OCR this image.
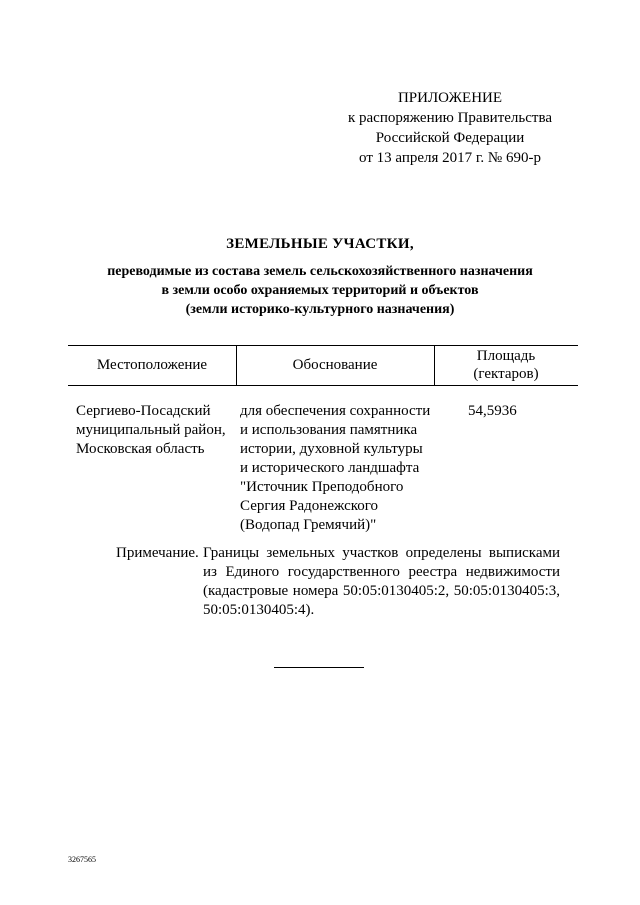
ПРИЛОЖЕНИЕ
к распоряжению Правительства
Российской Федерации
от 13 апреля 2017 г. № 690-р
ЗЕМЕЛЬНЫЕ УЧАСТКИ,
переводимые из состава земель сельскохозяйственного назначения
в земли особо охраняемых территорий и объектов
(земли историко-культурного назначения)
Местоположение	Обоснование
Площадь
(гектаров)
Сергиево-Посадский
муниципальный район,
Московская область
для обеспечения сохранности
и использования памятника
истории, духовной культуры
и исторического ландшафта
"Источник Преподобного
Сергия Радонежского
(Водопад Гремячий)"
54,5936
Примечание. Границы земельных участков определены выписками
из Единого государственного реестра недвижимости
(кадастровые номера 50:05:0130405:2, 50:05:0130405:3,
50:05:0130405:4).
3267565
